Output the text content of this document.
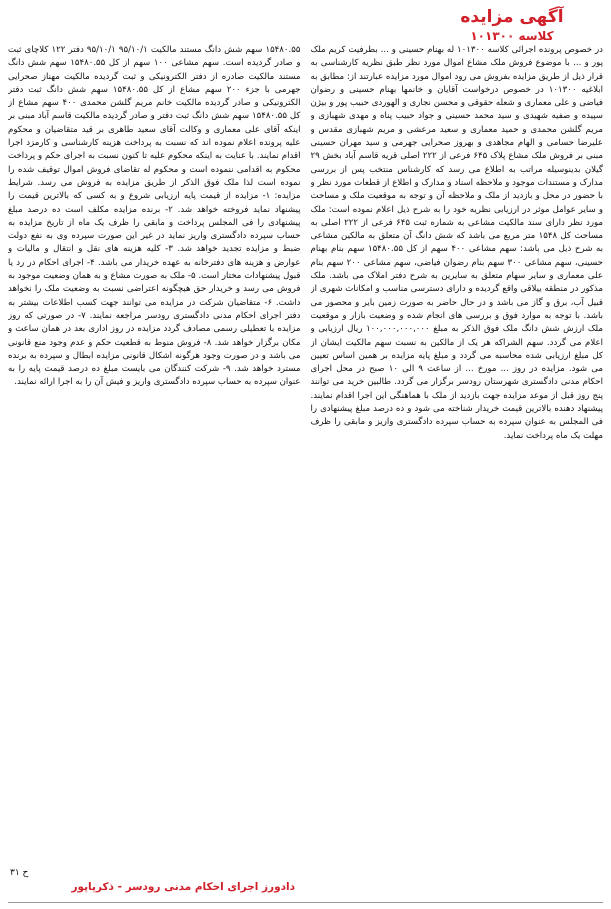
آگهی مزایده
کلاسه ۱۰۱۳۰۰
در خصوص پرونده اجرائی کلاسه ۱۰۱۳۰۰ له بهنام حسینی و ... بطرفیت کریم ملک پور و ... با موضوع فروش ملک مشاع اموال مورد نظر طبق نظریه کارشناسی به قرار ذیل از طریق مزایده بفروش می رود اموال مورد مزایده عبارتند از: مطابق به ابلاغیه ۱۰۱۳۰۰ در خصوص درخواست آقایان و خانمها بهنام حسینی و رضوان فیاضی و علی معماری و شعله حقوقی و محسن نجاری و الهوردی حبیب پور و بیژن سپیده و صفیه شهیدی و سید محمد حسینی و جواد حبیب پناه و مهدی شهبازی و مریم گلشن محمدی و حمید معماری و سعید مرعشی و مریم شهبازی مقدس و علیرضا حسامی و الهام مجاهدی و بهروز صحرایی جهرمی و سید مهران حسینی مبنی بر فروش ملک مشاع پلاک ۶۴۵ فرعی از ۲۲۲ اصلی قریه قاسم آباد بخش ۲۹ گیلان بدینوسیله مراتب به اطلاع می رسد که کارشناس منتخب پس از بررسی مدارک و مستندات موجود و ملاحظه اسناد و مدارک و اطلاع از قطعات مورد نظر و با حضور در محل و بازدید از ملک و ملاحظه آن و توجه به موقعیت ملک و مساحت و سایر عوامل موثر در ارزیابی نظریه خود را به شرح ذیل اعلام نموده است: ملک مورد نظر دارای سند مالکیت مشاعی به شماره ثبت ۶۴۵ فرعی از ۲۲۲ اصلی به مساحت کل ۱۵۴۸ متر مربع می باشد که شش دانگ آن متعلق به مالکین مشاعی به شرح ذیل می باشد: سهم مشاعی ۴۰۰ سهم از کل ۱۵۴۸۰.۵۵ سهم بنام بهنام حسینی، سهم مشاعی ۳۰۰ سهم بنام رضوان فیاضی، سهم مشاعی ۲۰۰ سهم بنام علی معماری و سایر سهام متعلق به سایرین به شرح دفتر املاک می باشد. ملک مذکور در منطقه ییلاقی واقع گردیده و دارای دسترسی مناسب و امکانات شهری از قبیل آب، برق و گاز می باشد و در حال حاضر به صورت زمین بایر و محصور می باشد. با توجه به موارد فوق و بررسی های انجام شده و وضعیت بازار و موقعیت ملک ارزش شش دانگ ملک فوق الذکر به مبلغ ۱۰۰,۰۰۰,۰۰۰,۰۰۰ ریال ارزیابی و اعلام می گردد. سهم الشراکه هر یک از مالکین به نسبت سهم مالکیت ایشان از کل مبلغ ارزیابی شده محاسبه می گردد و مبلغ پایه مزایده بر همین اساس تعیین می شود. مزایده در روز ... مورخ ... از ساعت ۹ الی ۱۰ صبح در محل اجرای احکام مدنی دادگستری شهرستان رودسر برگزار می گردد. طالبین خرید می توانند پنج روز قبل از موعد مزایده جهت بازدید از ملک با هماهنگی این اجرا اقدام نمایند. پیشنهاد دهنده بالاترین قیمت خریدار شناخته می شود و ده درصد مبلغ پیشنهادی را فی المجلس به عنوان سپرده به حساب سپرده دادگستری واریز و مابقی را ظرف مهلت یک ماه پرداخت نماید.
۱۵۴۸۰.۵۵ سهم شش دانگ مستند مالکیت ۹۵/۱۰/۱ ۹۵/۱۰/۱ دفتر ۱۲۲ کلاچای ثبت و صادر گردیده است. سهم مشاعی ۱۰۰ سهم از کل ۱۵۴۸۰.۵۵ سهم شش دانگ مستند مالکیت صادره از دفتر الکترونیکی و ثبت گردیده مالکیت مهناز صحرایی جهرمی با جزء ۲۰۰ سهم مشاع از کل ۱۵۴۸۰.۵۵ سهم شش دانگ ثبت دفتر الکترونیکی و صادر گردیده مالکیت خانم مریم گلشن محمدی ۴۰۰ سهم مشاع از کل ۱۵۴۸۰.۵۵ سهم شش دانگ ثبت دفتر و صادر گردیده مالکیت قاسم آباد مبنی بر اینکه آقای علی معماری و وکالت آقای سعید طاهری بر قید متقاضیان و محکوم علیه پرونده اعلام نموده اند که نسبت به پرداخت هزینه کارشناسی و کارمزد اجرا اقدام نمایند. با عنایت به اینکه محکوم علیه تا کنون نسبت به اجرای حکم و پرداخت محکوم به اقدامی ننموده است و محکوم له تقاضای فروش اموال توقیف شده را نموده است لذا ملک فوق الذکر از طریق مزایده به فروش می رسد. شرایط مزایده: ۱- مزایده از قیمت پایه ارزیابی شروع و به کسی که بالاترین قیمت را پیشنهاد نماید فروخته خواهد شد. ۲- برنده مزایده مکلف است ده درصد مبلغ پیشنهادی را فی المجلس پرداخت و مابقی را ظرف یک ماه از تاریخ مزایده به حساب سپرده دادگستری واریز نماید در غیر این صورت سپرده وی به نفع دولت ضبط و مزایده تجدید خواهد شد. ۳- کلیه هزینه های نقل و انتقال و مالیات و عوارض و هزینه های دفترخانه به عهده خریدار می باشد. ۴- اجرای احکام در رد یا قبول پیشنهادات مختار است. ۵- ملک به صورت مشاع و به همان وضعیت موجود به فروش می رسد و خریدار حق هیچگونه اعتراضی نسبت به وضعیت ملک را نخواهد داشت. ۶- متقاضیان شرکت در مزایده می توانند جهت کسب اطلاعات بیشتر به دفتر اجرای احکام مدنی دادگستری رودسر مراجعه نمایند. ۷- در صورتی که روز مزایده با تعطیلی رسمی مصادف گردد مزایده در روز اداری بعد در همان ساعت و مکان برگزار خواهد شد. ۸- فروش منوط به قطعیت حکم و عدم وجود منع قانونی می باشد و در صورت وجود هرگونه اشکال قانونی مزایده ابطال و سپرده به برنده مسترد خواهد شد. ۹- شرکت کنندگان می بایست مبلغ ده درصد قیمت پایه را به عنوان سپرده به حساب سپرده دادگستری واریز و فیش آن را به اجرا ارائه نمایند.
ح ۳۱
دادورز اجرای احکام مدنی رودسر - ذکرپاپور
